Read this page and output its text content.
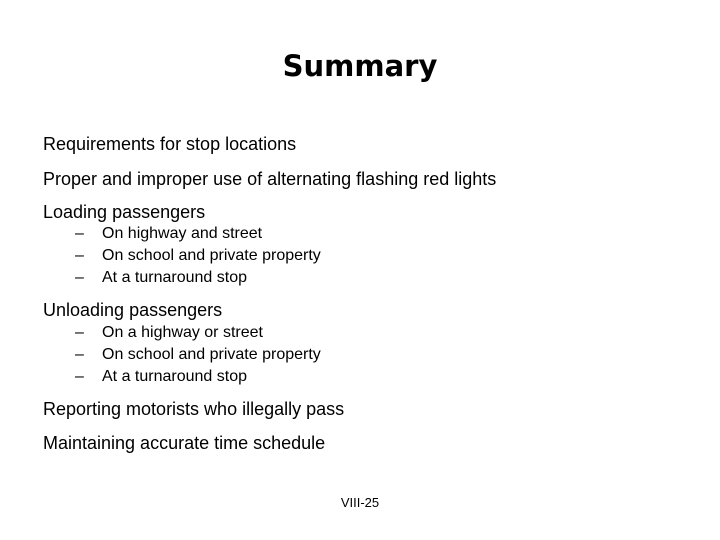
Summary
Requirements for stop locations
Proper and improper use of alternating flashing red lights
Loading passengers
– On highway and street
– On school and private property
– At a turnaround stop
Unloading passengers
– On a highway or street
– On school and private property
– At a turnaround stop
Reporting motorists who illegally pass
Maintaining accurate time schedule
VIII-25
